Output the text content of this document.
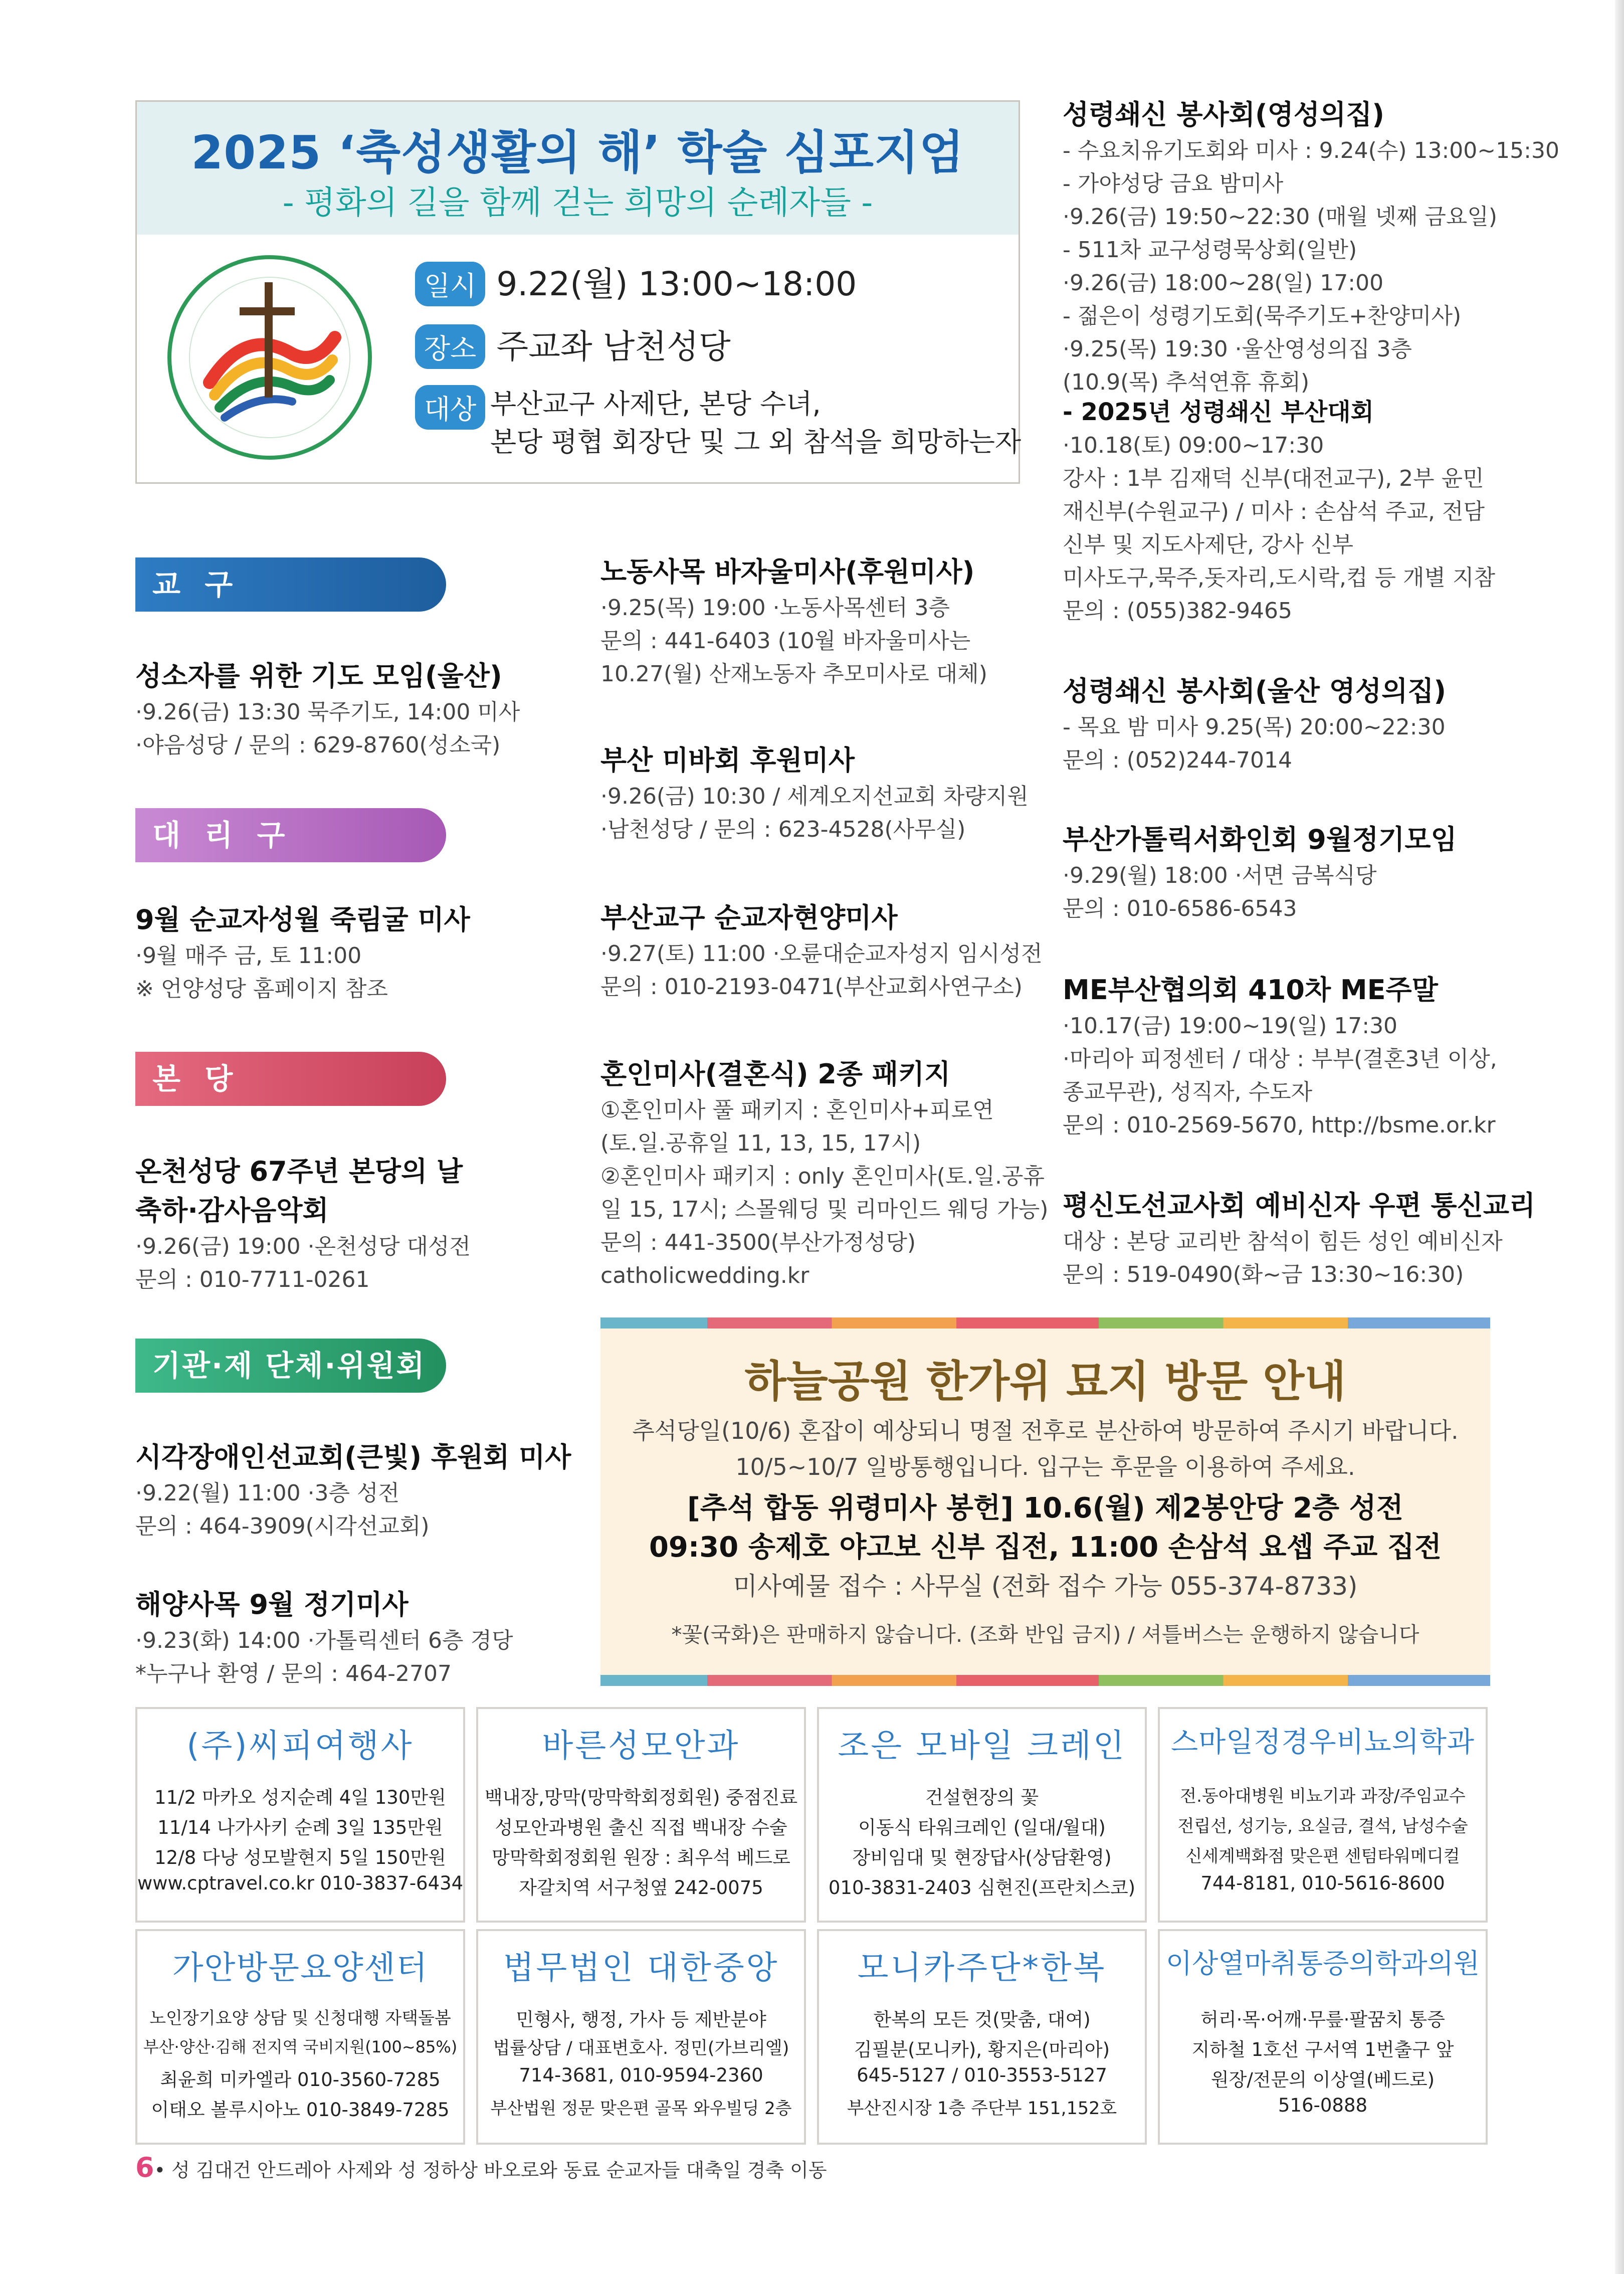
2025 ‘축성생활의 해’ 학술 심포지엄
- 평화의 길을 함께 걷는 희망의 순례자들 -
일시 9.22(월) 13:00~18:00
장소 주교좌 남천성당
대상 부산교구 사제단, 본당 수녀,
본당 평협 회장단 및 그 외 참석을 희망하는자
교 구
대 리 구
본 당
기관·제 단체·위원회
성소자를 위한 기도 모임(울산)
·9.26(금) 13:30 묵주기도, 14:00 미사
·야음성당 / 문의 : 629-8760(성소국)
9월 순교자성월 죽림굴 미사
·9월 매주 금, 토 11:00
※ 언양성당 홈페이지 참조
온천성당 67주년 본당의 날
축하·감사음악회
·9.26(금) 19:00 ·온천성당 대성전
문의 : 010-7711-0261
시각장애인선교회(큰빛) 후원회 미사
·9.22(월) 11:00 ·3층 성전
문의 : 464-3909(시각선교회)
해양사목 9월 정기미사
·9.23(화) 14:00 ·가톨릭센터 6층 경당
*누구나 환영 / 문의 : 464-2707
노동사목 바자울미사(후원미사)
·9.25(목) 19:00 ·노동사목센터 3층
문의 : 441-6403 (10월 바자울미사는
10.27(월) 산재노동자 추모미사로 대체)
부산 미바회 후원미사
·9.26(금) 10:30 / 세계오지선교회 차량지원
·남천성당 / 문의 : 623-4528(사무실)
부산교구 순교자현양미사
·9.27(토) 11:00 ·오륜대순교자성지 임시성전
문의 : 010-2193-0471(부산교회사연구소)
혼인미사(결혼식) 2종 패키지
①혼인미사 풀 패키지 : 혼인미사+피로연
(토.일.공휴일 11, 13, 15, 17시)
②혼인미사 패키지 : only 혼인미사(토.일.공휴
일 15, 17시; 스몰웨딩 및 리마인드 웨딩 가능)
문의 : 441-3500(부산가정성당)
catholicwedding.kr
성령쇄신 봉사회(영성의집)
- 수요치유기도회와 미사 : 9.24(수) 13:00~15:30
- 가야성당 금요 밤미사
·9.26(금) 19:50~22:30 (매월 넷째 금요일)
- 511차 교구성령묵상회(일반)
·9.26(금) 18:00~28(일) 17:00
- 젊은이 성령기도회(묵주기도+찬양미사)
·9.25(목) 19:30 ·울산영성의집 3층
(10.9(목) 추석연휴 휴회)
- 2025년 성령쇄신 부산대회
·10.18(토) 09:00~17:30
강사 : 1부 김재덕 신부(대전교구), 2부 윤민
재신부(수원교구) / 미사 : 손삼석 주교, 전담
신부 및 지도사제단, 강사 신부
미사도구,묵주,돗자리,도시락,컵 등 개별 지참
문의 : (055)382-9465
성령쇄신 봉사회(울산 영성의집)
- 목요 밤 미사 9.25(목) 20:00~22:30
문의 : (052)244-7014
부산가톨릭서화인회 9월정기모임
·9.29(월) 18:00 ·서면 금복식당
문의 : 010-6586-6543
ME부산협의회 410차 ME주말
·10.17(금) 19:00~19(일) 17:30
·마리아 피정센터 / 대상 : 부부(결혼3년 이상,
종교무관), 성직자, 수도자
문의 : 010-2569-5670, http://bsme.or.kr
평신도선교사회 예비신자 우편 통신교리
대상 : 본당 교리반 참석이 힘든 성인 예비신자
문의 : 519-0490(화~금 13:30~16:30)
하늘공원 한가위 묘지 방문 안내
추석당일(10/6) 혼잡이 예상되니 명절 전후로 분산하여 방문하여 주시기 바랍니다.
10/5~10/7 일방통행입니다. 입구는 후문을 이용하여 주세요.
[추석 합동 위령미사 봉헌] 10.6(월) 제2봉안당 2층 성전
09:30 송제호 야고보 신부 집전, 11:00 손삼석 요셉 주교 집전
미사예물 접수 : 사무실 (전화 접수 가능 055-374-8733)
*꽃(국화)은 판매하지 않습니다. (조화 반입 금지) / 셔틀버스는 운행하지 않습니다
(주)씨피여행사
11/2 마카오 성지순례 4일 130만원
11/14 나가사키 순례 3일 135만원
12/8 다낭 성모발현지 5일 150만원
www.cptravel.co.kr 010-3837-6434
바른성모안과
백내장,망막(망막학회정회원) 중점진료
성모안과병원 출신 직접 백내장 수술
망막학회정회원 원장 : 최우석 베드로
자갈치역 서구청옆 242-0075
조은 모바일 크레인
건설현장의 꽃
이동식 타워크레인 (일대/월대)
장비임대 및 현장답사(상담환영)
010-3831-2403 심현진(프란치스코)
스마일정경우비뇨의학과
전.동아대병원 비뇨기과 과장/주임교수
전립선, 성기능, 요실금, 결석, 남성수술
신세계백화점 맞은편 센텀타워메디컬
744-8181, 010-5616-8600
가안방문요양센터
노인장기요양 상담 및 신청대행 자택돌봄
부산·양산·김해 전지역 국비지원(100~85%)
최윤희 미카엘라 010-3560-7285
이태오 볼루시아노 010-3849-7285
법무법인 대한중앙
민형사, 행정, 가사 등 제반분야
법률상담 / 대표변호사. 정민(가브리엘)
714-3681, 010-9594-2360
부산법원 정문 맞은편 골목 와우빌딩 2층
모니카주단*한복
한복의 모든 것(맞춤, 대여)
김필분(모니카), 황지은(마리아)
645-5127 / 010-3553-5127
부산진시장 1층 주단부 151,152호
이상열마취통증의학과의원
허리·목·어깨·무릎·팔꿈치 통증
지하철 1호선 구서역 1번출구 앞
원장/전문의 이상열(베드로)
516-0888
6• 성 김대건 안드레아 사제와 성 정하상 바오로와 동료 순교자들 대축일 경축 이동
